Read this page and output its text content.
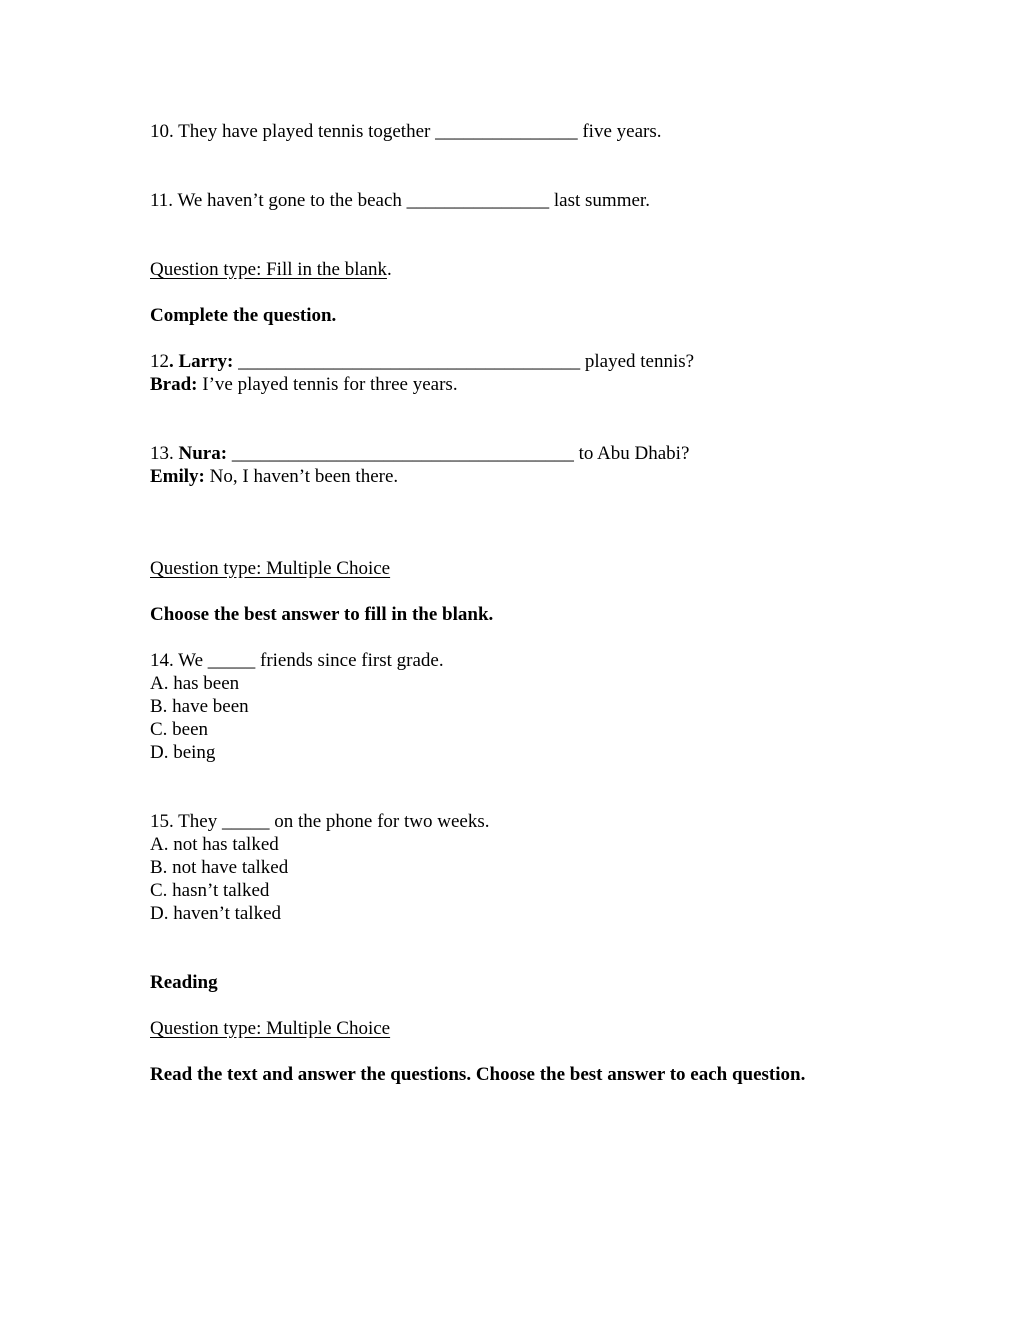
10. They have played tennis together _______________ five years.
11. We haven’t gone to the beach _______________ last summer.
Question type: Fill in the blank.
Complete the question.
12. Larry: ____________________________________ played tennis?
Brad: I’ve played tennis for three years.
13. Nura: ____________________________________ to Abu Dhabi?
Emily: No, I haven’t been there.
Question type: Multiple Choice
Choose the best answer to fill in the blank.
14. We _____ friends since first grade.
A. has been
B. have been
C. been
D. being
15. They _____ on the phone for two weeks.
A. not has talked
B. not have talked
C. hasn’t talked
D. haven’t talked
Reading
Question type: Multiple Choice
Read the text and answer the questions. Choose the best answer to each question.
